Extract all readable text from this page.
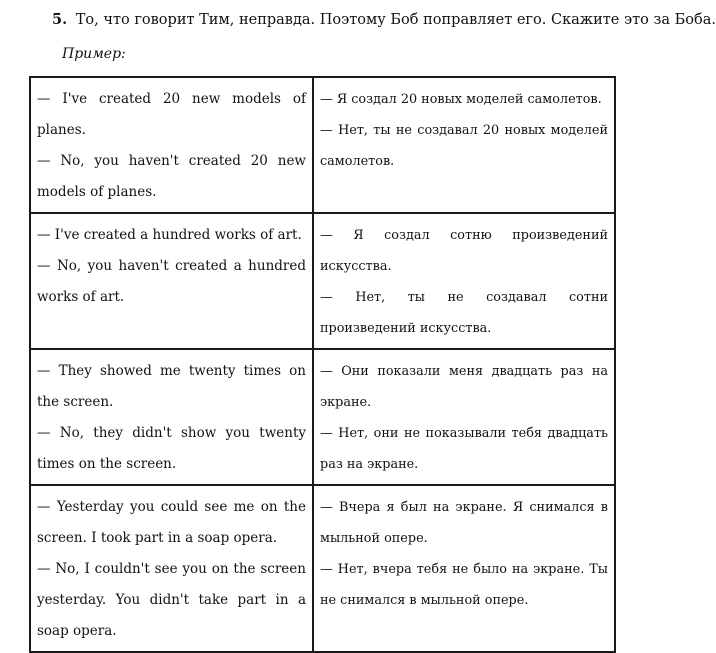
5. То, что говорит Тим, неправда. Поэтому Боб поправляет его. Скажите это за Боба.
Пример:
— I've created 20 new models of planes.
— No, you haven't created 20 new models of planes.	— Я создал 20 новых моделей самолетов.
— Нет, ты не создавал 20 новых моделей самолетов.

— I've created a hundred works of art.
— No, you haven't created a hundred works of art.	— Я создал сотню произведений искусства.
— Нет, ты не создавал сотни произведений искусства.

— They showed me twenty times on the screen.
— No, they didn't show you twenty times on the screen.	— Они показали меня двадцать раз на экране.
— Нет, они не показывали тебя двадцать раз на экране.

— Yesterday you could see me on the screen. I took part in a soap opera.
— No, I couldn't see you on the screen yesterday. You didn't take part in a soap opera.	— Вчера я был на экране. Я снимался в мыльной опере.
— Нет, вчера тебя не было на экране. Ты не снимался в мыльной опере.
